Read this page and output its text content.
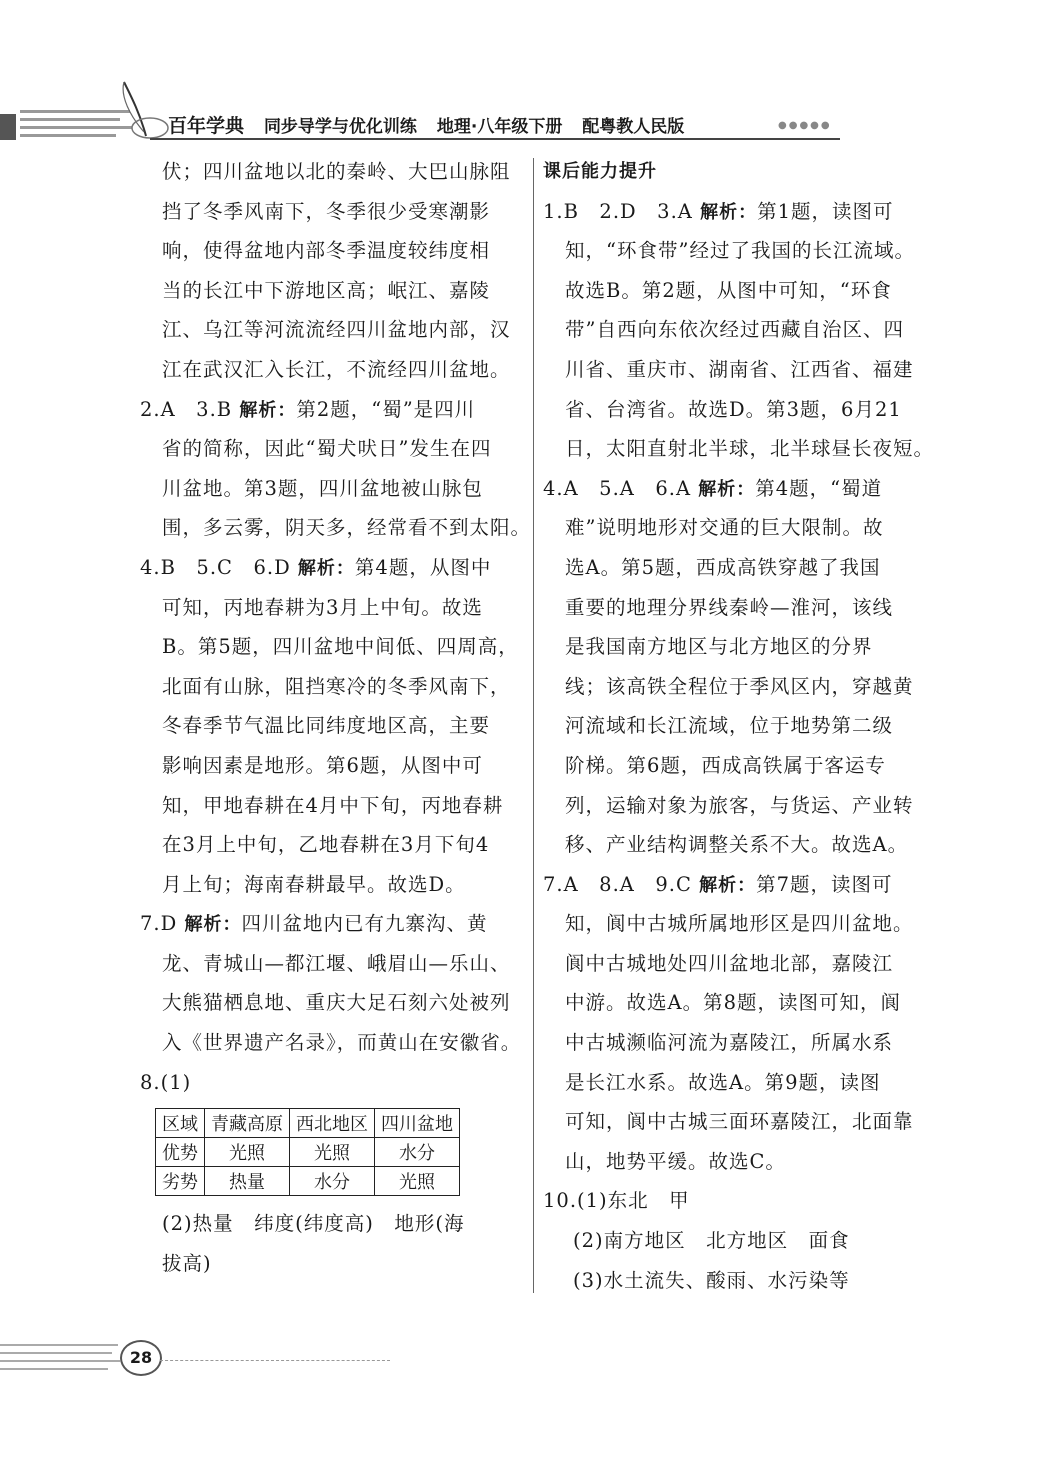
百年学典 同步导学与优化训练 地理·八年级下册 配粤教人民版	●●●●●
伏；四川盆地以北的秦岭、大巴山脉阻
挡了冬季风南下，冬季很少受寒潮影
响，使得盆地内部冬季温度较纬度相
当的长江中下游地区高；岷江、嘉陵
江、乌江等河流流经四川盆地内部，汉
江在武汉汇入长江，不流经四川盆地。
2.A　3.B 解析：第2题，“蜀”是四川
省的简称，因此“蜀犬吠日”发生在四
川盆地。第3题，四川盆地被山脉包
围，多云雾，阴天多，经常看不到太阳。
4.B　5.C　6.D 解析：第4题，从图中
可知，丙地春耕为3月上中旬。故选
B。第5题，四川盆地中间低、四周高，
北面有山脉，阻挡寒冷的冬季风南下，
冬春季节气温比同纬度地区高，主要
影响因素是地形。第6题，从图中可
知，甲地春耕在4月中下旬，丙地春耕
在3月上中旬，乙地春耕在3月下旬4
月上旬；海南春耕最早。故选D。
7.D 解析：四川盆地内已有九寨沟、黄
龙、青城山—都江堰、峨眉山—乐山、
大熊猫栖息地、重庆大足石刻六处被列
入《世界遗产名录》，而黄山在安徽省。
8.(1)
区域	青藏高原	西北地区	四川盆地
优势	光照	光照	水分
劣势	热量	水分	光照
(2)热量　纬度(纬度高)　地形(海
拔高)
课后能力提升
1.B　2.D　3.A 解析：第1题，读图可
知，“环食带”经过了我国的长江流域。
故选B。第2题，从图中可知，“环食
带”自西向东依次经过西藏自治区、四
川省、重庆市、湖南省、江西省、福建
省、台湾省。故选D。第3题，6月21
日，太阳直射北半球，北半球昼长夜短。
4.A　5.A　6.A 解析：第4题，“蜀道
难”说明地形对交通的巨大限制。故
选A。第5题，西成高铁穿越了我国
重要的地理分界线秦岭—淮河，该线
是我国南方地区与北方地区的分界
线；该高铁全程位于季风区内，穿越黄
河流域和长江流域，位于地势第二级
阶梯。第6题，西成高铁属于客运专
列，运输对象为旅客，与货运、产业转
移、产业结构调整关系不大。故选A。
7.A　8.A　9.C 解析：第7题，读图可
知，阆中古城所属地形区是四川盆地。
阆中古城地处四川盆地北部，嘉陵江
中游。故选A。第8题，读图可知，阆
中古城濒临河流为嘉陵江，所属水系
是长江水系。故选A。第9题，读图
可知，阆中古城三面环嘉陵江，北面靠
山，地势平缓。故选C。
10.(1)东北　甲
(2)南方地区　北方地区　面食
(3)水土流失、酸雨、水污染等
28
